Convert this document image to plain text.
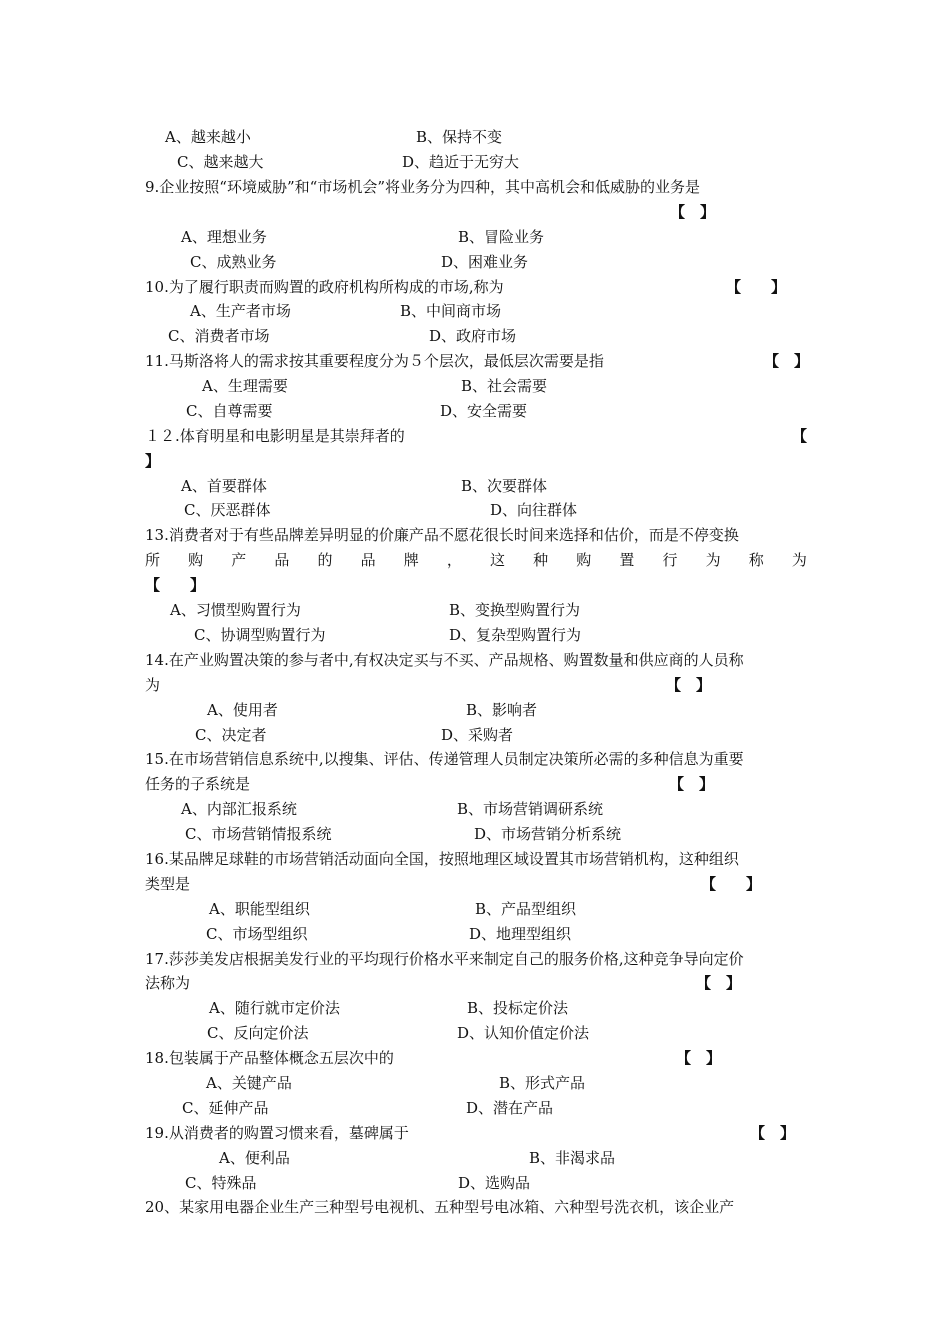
A、越来越小	B、保持不变
C、越来越大	D、趋近于无穷大
9.企业按照“环境威胁”和“市场机会”将业务分为四种，其中高机会和低威胁的业务是
【　】
A、理想业务	B、冒险业务
C、成熟业务	D、困难业务
10.为了履行职责而购置的政府机构所构成的市场,称为	【　　】
A、生产者市场	B、中间商市场
C、消费者市场	D、政府市场
11.马斯洛将人的需求按其重要程度分为５个层次，最低层次需要是指	【　】
A、生理需要	B、社会需要
C、自尊需要	D、安全需要
１２.体育明星和电影明星是其崇拜者的	【
】
A、首要群体	B、次要群体
C、厌恶群体	D、向往群体
13.消费者对于有些品牌差异明显的价廉产品不愿花很长时间来选择和估价，而是不停变换
所 购 产 品 的 品 牌 ， 这 种 购 置 行 为 称 为
【　　】
A、习惯型购置行为	B、变换型购置行为
C、协调型购置行为	D、复杂型购置行为
14.在产业购置决策的参与者中,有权决定买与不买、产品规格、购置数量和供应商的人员称
为	【　】
A、使用者	B、影响者
C、决定者	D、采购者
15.在市场营销信息系统中,以搜集、评估、传递管理人员制定决策所必需的多种信息为重要
任务的子系统是	【　】
A、内部汇报系统	B、市场营销调研系统
C、市场营销情报系统	D、市场营销分析系统
16.某品牌足球鞋的市场营销活动面向全国，按照地理区域设置其市场营销机构，这种组织
类型是	【　　】
A、职能型组织	B、产品型组织
C、市场型组织	D、地理型组织
17.莎莎美发店根据美发行业的平均现行价格水平来制定自己的服务价格,这种竞争导向定价
法称为	【　】
A、随行就市定价法	B、投标定价法
C、反向定价法	D、认知价值定价法
18.包装属于产品整体概念五层次中的	【　】
A、关键产品	B、形式产品
C、延伸产品	D、潜在产品
19.从消费者的购置习惯来看，墓碑属于	【　】
A、便利品	B、非渴求品
C、特殊品	D、选购品
20、某家用电器企业生产三种型号电视机、五种型号电冰箱、六种型号洗衣机，该企业产
